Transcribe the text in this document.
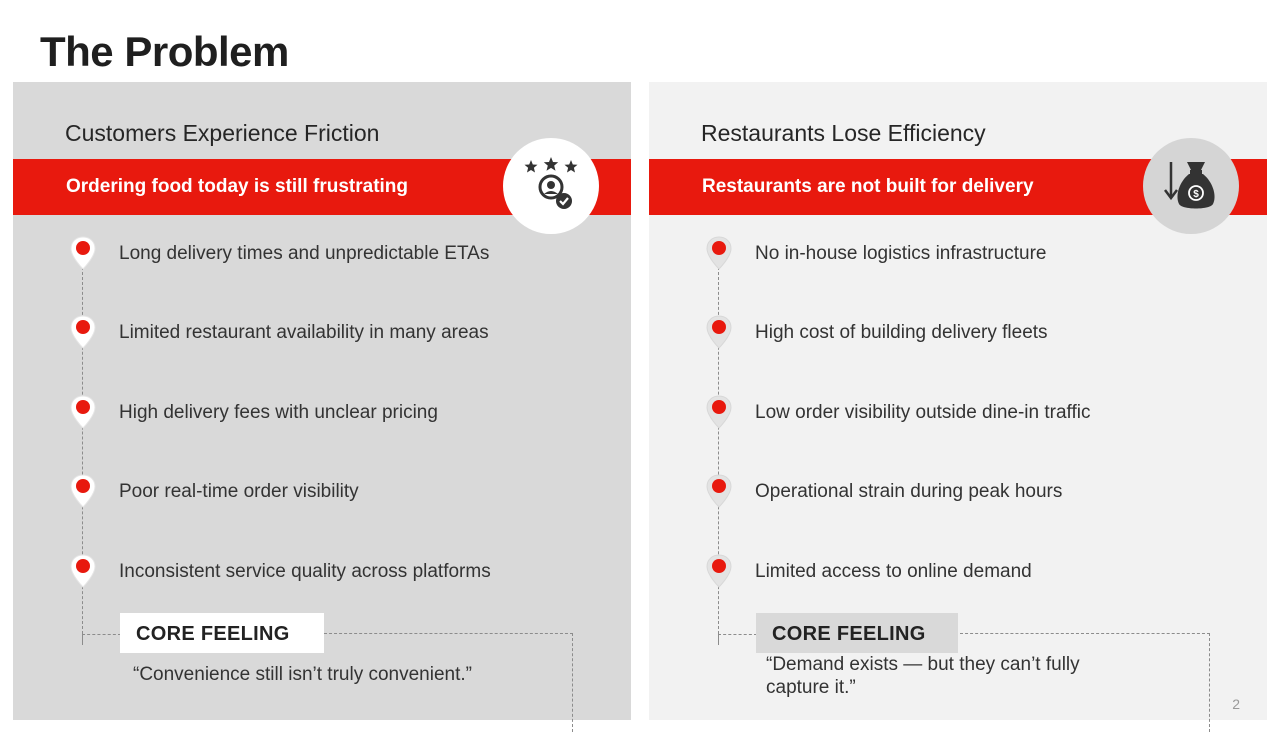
The Problem
Customers Experience Friction
Ordering food today is still frustrating
Long delivery times and unpredictable ETAs
Limited restaurant availability in many areas
High delivery fees with unclear pricing
Poor real-time order visibility
Inconsistent service quality across platforms
CORE FEELING

“Convenience still isn’t truly convenient.”

Restaurants Lose Efficiency
Restaurants are not built for delivery	$
No in-house logistics infrastructure
High cost of building delivery fleets
Low order visibility outside dine-in traffic
Operational strain during peak hours
Limited access to online demand
CORE FEELING

“Demand exists — but they can’t fully
capture it.”

2
